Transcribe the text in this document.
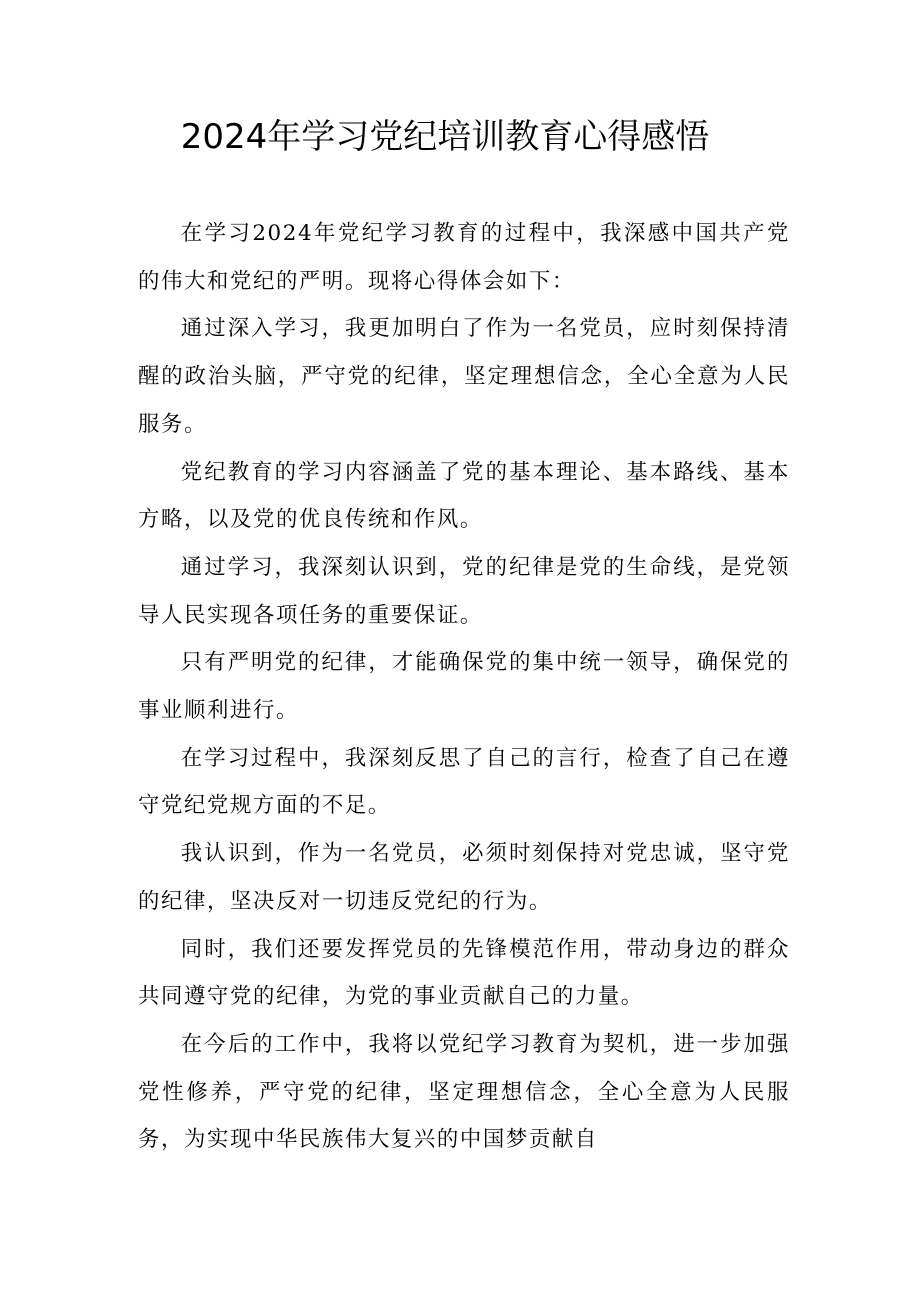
2024年学习党纪培训教育心得感悟

在学习2024年党纪学习教育的过程中，我深感中国共产党的伟大和党纪的严明。现将心得体会如下：

通过深入学习，我更加明白了作为一名党员，应时刻保持清醒的政治头脑，严守党的纪律，坚定理想信念，全心全意为人民服务。

党纪教育的学习内容涵盖了党的基本理论、基本路线、基本方略，以及党的优良传统和作风。

通过学习，我深刻认识到，党的纪律是党的生命线，是党领导人民实现各项任务的重要保证。

只有严明党的纪律，才能确保党的集中统一领导，确保党的事业顺利进行。

在学习过程中，我深刻反思了自己的言行，检查了自己在遵守党纪党规方面的不足。

我认识到，作为一名党员，必须时刻保持对党忠诚，坚守党的纪律，坚决反对一切违反党纪的行为。

同时，我们还要发挥党员的先锋模范作用，带动身边的群众共同遵守党的纪律，为党的事业贡献自己的力量。

在今后的工作中，我将以党纪学习教育为契机，进一步加强党性修养，严守党的纪律，坚定理想信念，全心全意为人民服务，为实现中华民族伟大复兴的中国梦贡献自
